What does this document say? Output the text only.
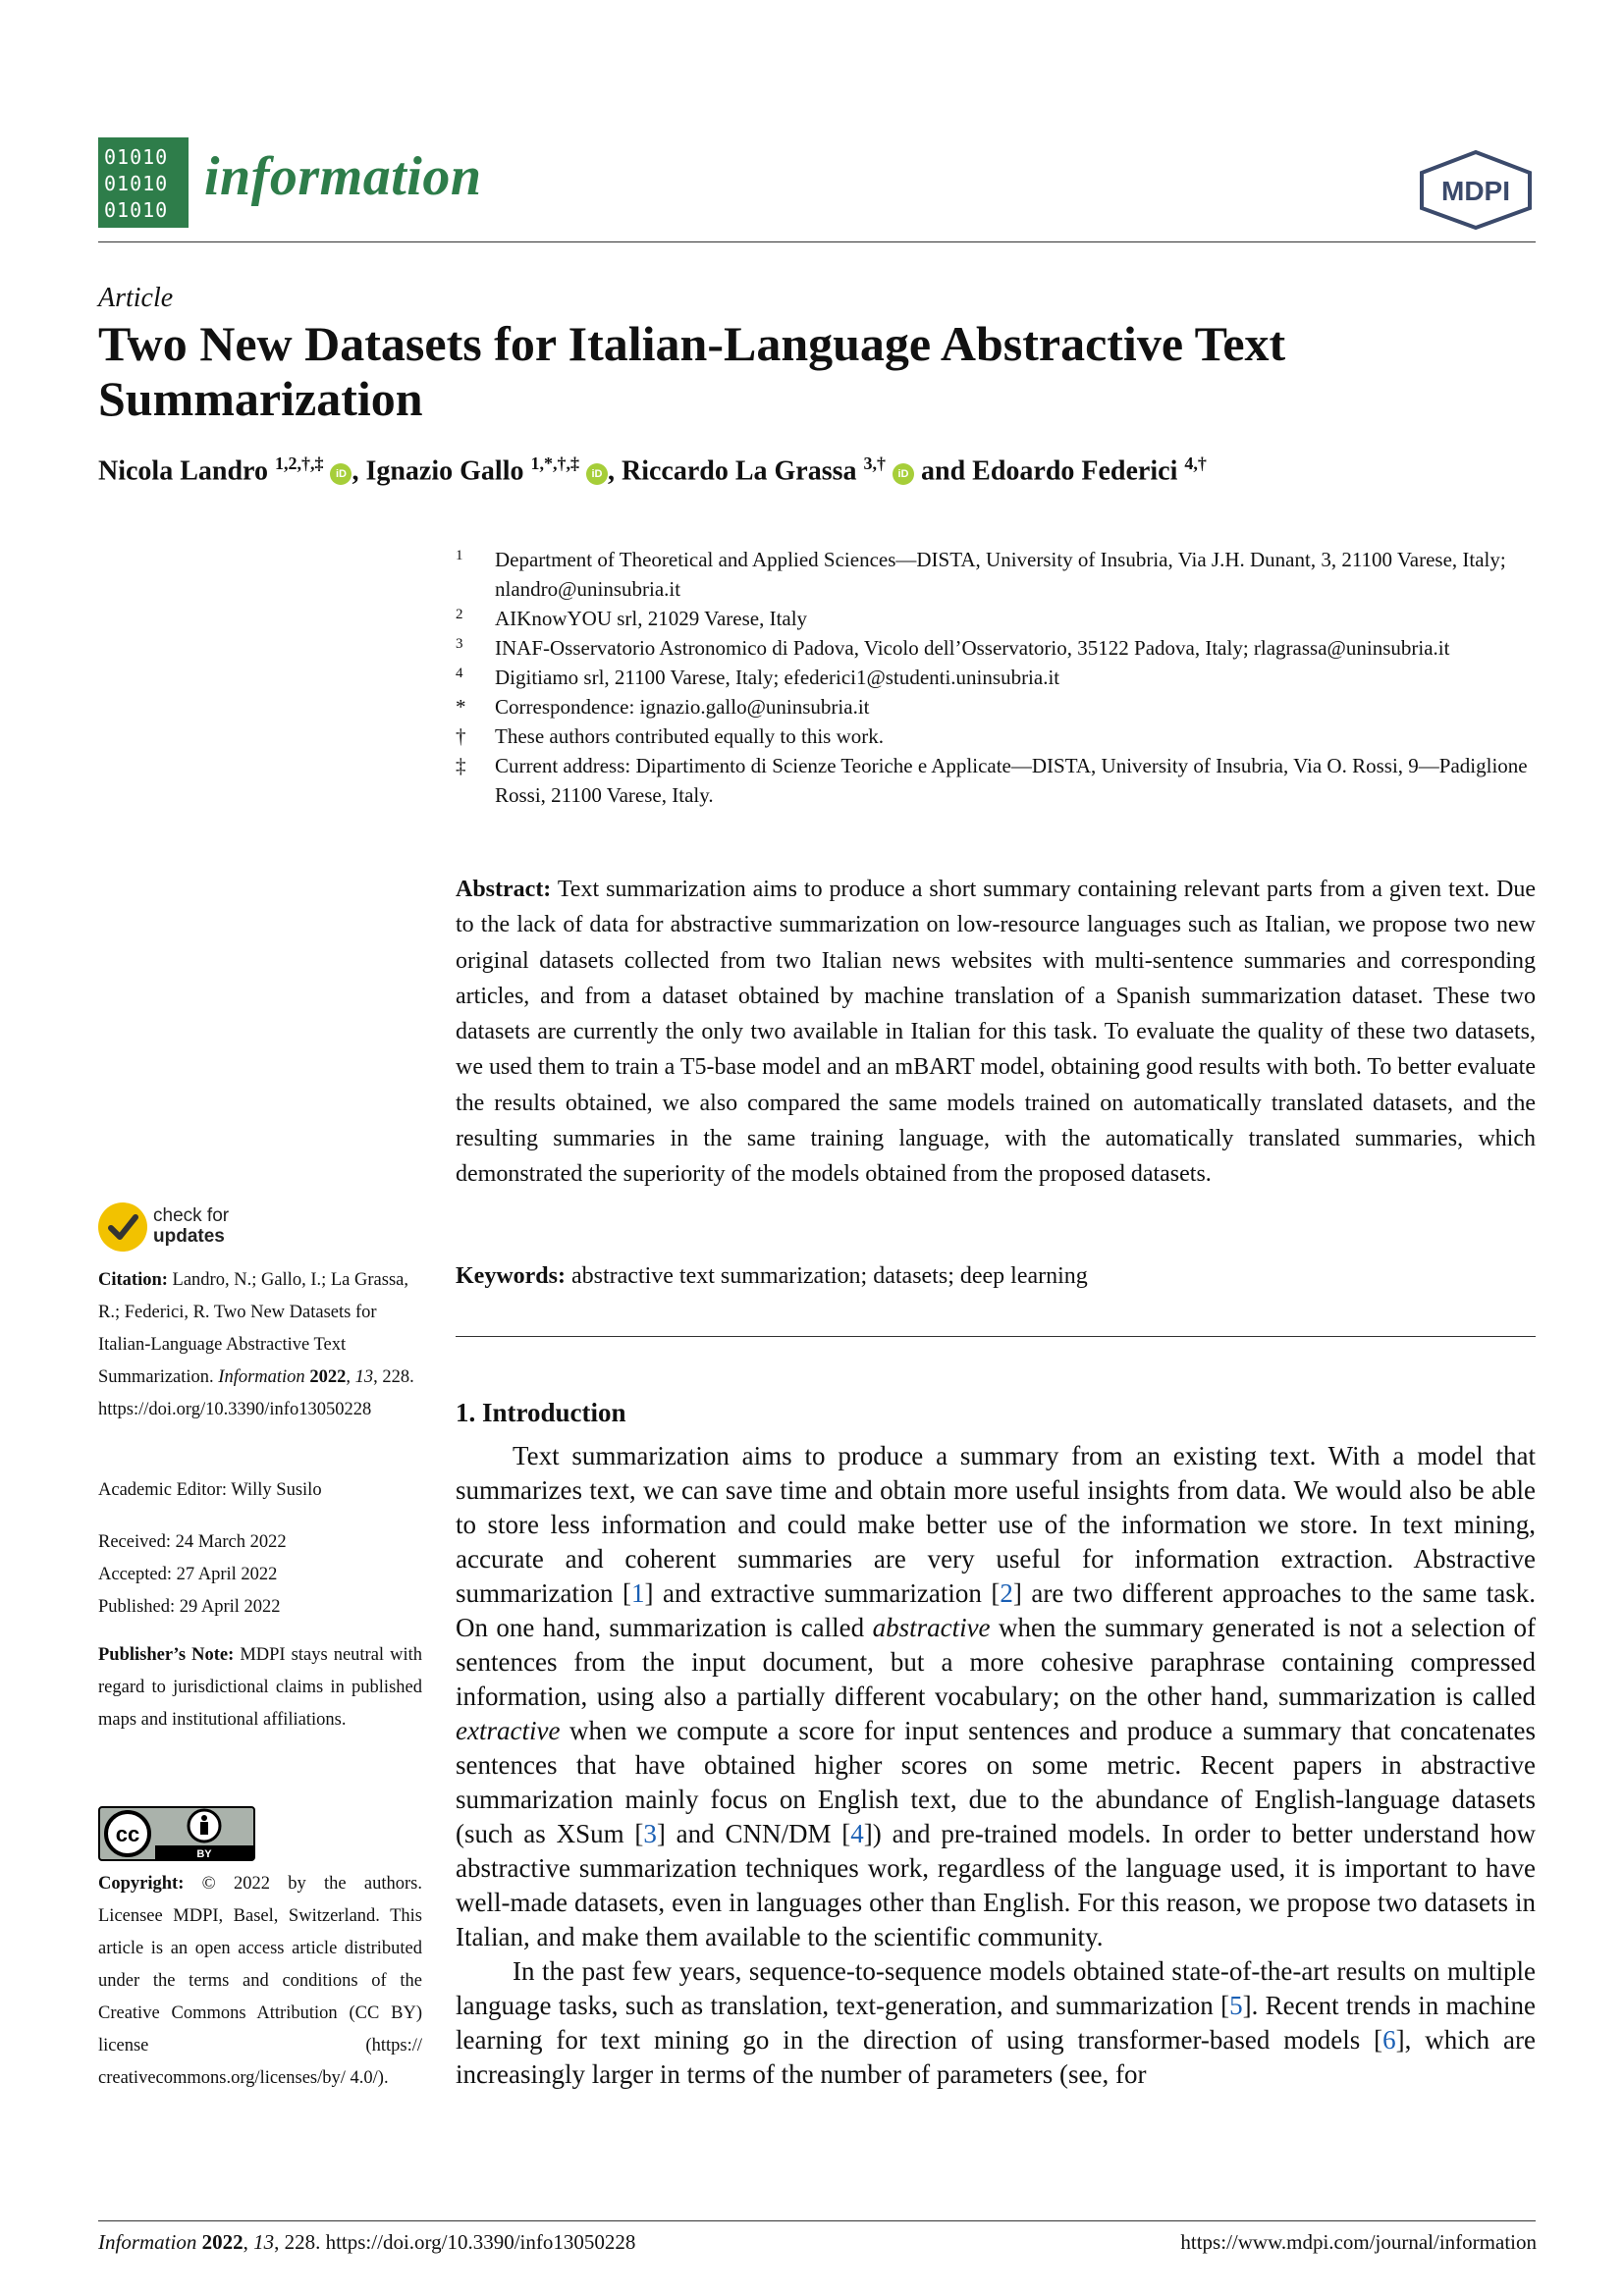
01010
01010
01010
information	MDPI
Article
Two New Datasets for Italian-Language Abstractive Text Summarization
Nicola Landro $^{1,2,\dagger,\ddagger}$ iD , Ignazio Gallo $^{1,*,\dagger,\ddagger}$ iD , Riccardo La Grassa $^{3,\dagger}$ iD and Edoardo Federici $^{4,\dagger}$
1	Department of Theoretical and Applied Sciences—DISTA, University of Insubria, Via J.H. Dunant, 3, 21100 Varese, Italy; nlandro@uninsubria.it
2	AIKnowYOU srl, 21029 Varese, Italy
3	INAF-Osservatorio Astronomico di Padova, Vicolo dell’Osservatorio, 35122 Padova, Italy; rlagrassa@uninsubria.it
4	Digitiamo srl, 21100 Varese, Italy; efederici1@studenti.uninsubria.it
*	Correspondence: ignazio.gallo@uninsubria.it
†	These authors contributed equally to this work.
‡	Current address: Dipartimento di Scienze Teoriche e Applicate—DISTA, University of Insubria, Via O. Rossi, 9—Padiglione Rossi, 21100 Varese, Italy.
Abstract: Text summarization aims to produce a short summary containing relevant parts from a given text. Due to the lack of data for abstractive summarization on low-resource languages such as Italian, we propose two new original datasets collected from two Italian news websites with multi-sentence summaries and corresponding articles, and from a dataset obtained by machine translation of a Spanish summarization dataset. These two datasets are currently the only two available in Italian for this task. To evaluate the quality of these two datasets, we used them to train a T5-base model and an mBART model, obtaining good results with both. To better evaluate the results obtained, we also compared the same models trained on automatically translated datasets, and the resulting summaries in the same training language, with the automatically translated summaries, which demonstrated the superiority of the models obtained from the proposed datasets.
Keywords: abstractive text summarization; datasets; deep learning
1. Introduction

Text summarization aims to produce a summary from an existing text. With a model that summarizes text, we can save time and obtain more useful insights from data. We would also be able to store less information and could make better use of the information we store. In text mining, accurate and coherent summaries are very useful for information extraction. Abstractive summarization [1] and extractive summarization [2] are two different approaches to the same task. On one hand, summarization is called abstractive when the summary generated is not a selection of sentences from the input document, but a more cohesive paraphrase containing compressed information, using also a partially different vocabulary; on the other hand, summarization is called extractive when we compute a score for input sentences and produce a summary that concatenates sentences that have obtained higher scores on some metric. Recent papers in abstractive summarization mainly focus on English text, due to the abundance of English-language datasets (such as XSum [3] and CNN/DM [4]) and pre-trained models. In order to better understand how abstractive summarization techniques work, regardless of the language used, it is important to have well-made datasets, even in languages other than English. For this reason, we propose two datasets in Italian, and make them available to the scientific community.

In the past few years, sequence-to-sequence models obtained state-of-the-art results on multiple language tasks, such as translation, text-generation, and summarization [5]. Recent trends in machine learning for text mining go in the direction of using transformer-based models [6], which are increasingly larger in terms of the number of parameters (see, for

check for
updates
Citation: Landro, N.; Gallo, I.; La Grassa, R.; Federici, R. Two New Datasets for Italian-Language Abstractive Text Summarization. Information 2022, 13, 228. https://doi.org/10.3390/info13050228
Academic Editor: Willy Susilo
Received: 24 March 2022
Accepted: 27 April 2022
Published: 29 April 2022
Publisher’s Note: MDPI stays neutral with regard to jurisdictional claims in published maps and institutional affiliations.
cc
BY
Copyright: © 2022 by the authors. Licensee MDPI, Basel, Switzerland. This article is an open access article distributed under the terms and conditions of the Creative Commons Attribution (CC BY) license (https:// creativecommons.org/licenses/by/ 4.0/).
Information 2022, 13, 228. https://doi.org/10.3390/info13050228	https://www.mdpi.com/journal/information
